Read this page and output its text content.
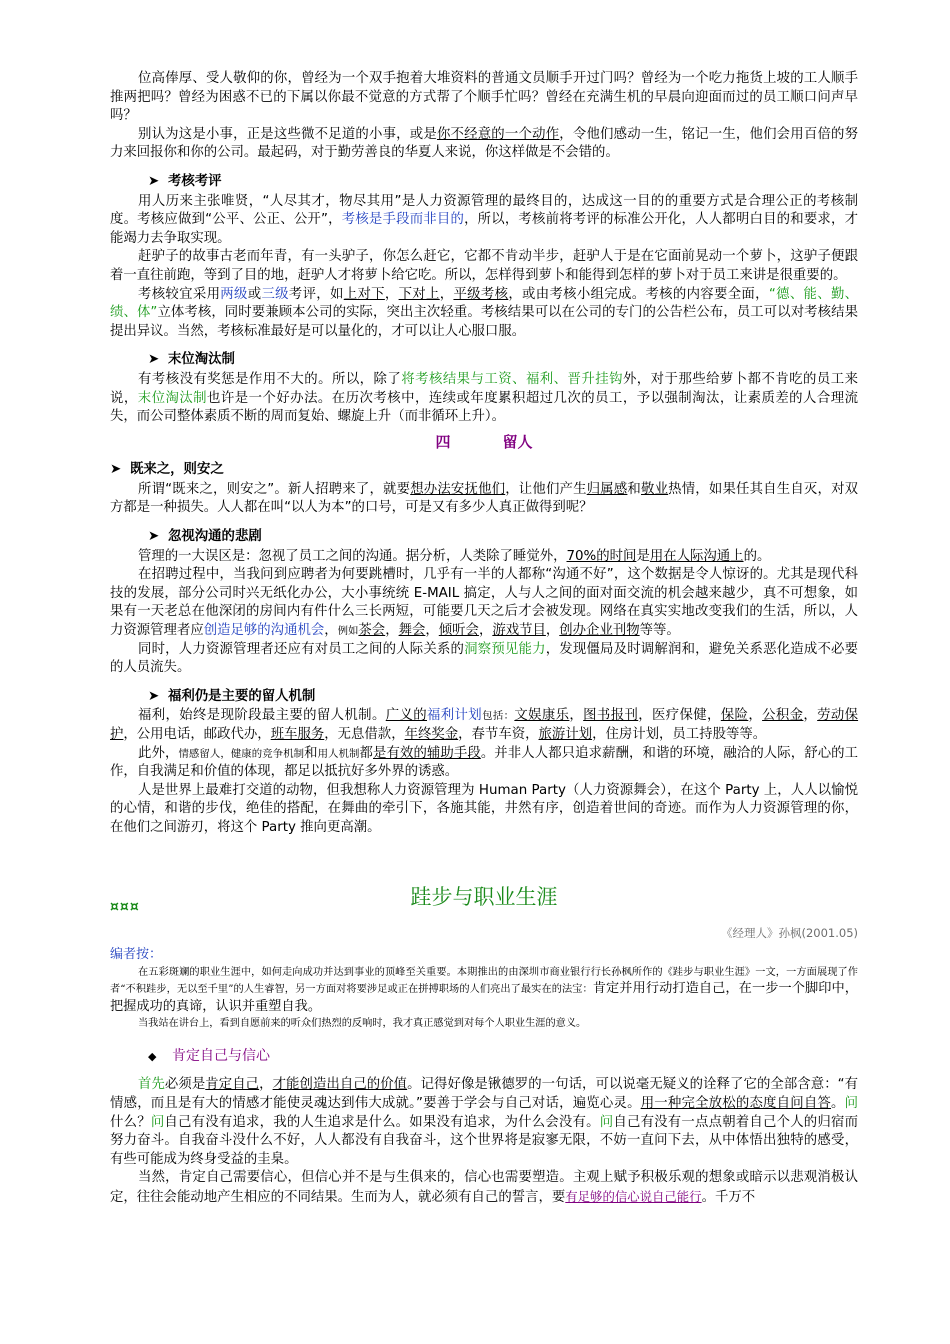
位高俸厚、受人敬仰的你，曾经为一个双手抱着大堆资料的普通文员顺手开过门吗？曾经为一个吃力拖货上坡的工人顺手推两把吗？曾经为困惑不已的下属以你最不觉意的方式帮了个顺手忙吗？曾经在充满生机的早晨向迎面而过的员工顺口问声早吗？

别认为这是小事，正是这些微不足道的小事，或是你不经意的一个动作，令他们感动一生，铭记一生，他们会用百倍的努力来回报你和你的公司。最起码，对于勤劳善良的华夏人来说，你这样做是不会错的。

➤ 考核考评

用人历来主张唯贤，“人尽其才，物尽其用”是人力资源管理的最终目的，达成这一目的的重要方式是合理公正的考核制度。考核应做到“公平、公正、公开”，考核是手段而非目的，所以，考核前将考评的标准公开化，人人都明白目的和要求，才能竭力去争取实现。

赶驴子的故事古老而年青，有一头驴子，你怎么赶它，它都不肯动半步，赶驴人于是在它面前晃动一个萝卜，这驴子便跟着一直往前跑，等到了目的地，赶驴人才将萝卜给它吃。所以，怎样得到萝卜和能得到怎样的萝卜对于员工来讲是很重要的。

考核较宜采用两级或三级考评，如上对下，下对上，平级考核，或由考核小组完成。考核的内容要全面，“德、能、勤、绩、体”立体考核，同时要兼顾本公司的实际，突出主次轻重。考核结果可以在公司的专门的公告栏公布，员工可以对考核结果提出异议。当然，考核标准最好是可以量化的，才可以让人心服口服。

➤ 末位淘汰制

有考核没有奖惩是作用不大的。所以，除了将考核结果与工资、福利、晋升挂钩外，对于那些给萝卜都不肯吃的员工来说，末位淘汰制也许是一个好办法。在历次考核中，连续或年度累积超过几次的员工，予以强制淘汰，让素质差的人合理流失，而公司整体素质不断的周而复始、螺旋上升（而非循环上升）。

四	留人
➤ 既来之，则安之

所谓“既来之，则安之”。新人招聘来了，就要想办法安抚他们，让他们产生归属感和敬业热情，如果任其自生自灭，对双方都是一种损失。人人都在叫“以人为本”的口号，可是又有多少人真正做得到呢？

➤ 忽视沟通的悲剧

管理的一大误区是：忽视了员工之间的沟通。据分析，人类除了睡觉外，70%的时间是用在人际沟通上的。

在招聘过程中，当我问到应聘者为何要跳槽时，几乎有一半的人都称“沟通不好”，这个数据是令人惊讶的。尤其是现代科技的发展，部分公司时兴无纸化办公，大小事统统 E-MAIL 搞定，人与人之间的面对面交流的机会越来越少，真不可想象，如果有一天老总在他深闭的房间内有件什么三长两短，可能要几天之后才会被发现。网络在真实实地改变我们的生活，所以，人力资源管理者应创造足够的沟通机会，例如茶会，舞会，倾听会，游戏节目，创办企业刊物等等。

同时，人力资源管理者还应有对员工之间的人际关系的洞察预见能力，发现僵局及时调解润和，避免关系恶化造成不必要的人员流失。

➤ 福利仍是主要的留人机制

福利，始终是现阶段最主要的留人机制。广义的福利计划包括：文娱康乐，图书报刊，医疗保健，保险，公积金，劳动保护，公用电话，邮政代办，班车服务，无息借款，年终奖金，春节车资，旅游计划，住房计划，员工持股等等。

此外，情感留人，健康的竞争机制和用人机制都是有效的辅助手段。并非人人都只追求薪酬，和谐的环境，融洽的人际，舒心的工作，自我满足和价值的体现，都足以抵抗好多外界的诱惑。

人是世界上最难打交道的动物，但我想称人力资源管理为 Human Party（人力资源舞会），在这个 Party 上，人人以愉悦的心情，和谐的步伐，绝佳的搭配，在舞曲的牵引下，各施其能，井然有序，创造着世间的奇迹。而作为人力资源管理的你，在他们之间游刃，将这个 Party 推向更高潮。

¤¤¤	跬步与职业生涯
《经理人》孙枫(2001.05)
编者按：

在五彩斑斓的职业生涯中，如何走向成功并达到事业的顶峰至关重要。本期推出的由深圳市商业银行行长孙枫所作的《跬步与职业生涯》一文，一方面展现了作者“不积跬步，无以至千里”的人生睿智，另一方面对将要涉足或正在拼搏职场的人们亮出了最实在的法宝：肯定并用行动打造自己，在一步一个脚印中，把握成功的真谛，认识并重塑自我。

当我站在讲台上，看到自愿前来的听众们热烈的反响时，我才真正感觉到对每个人职业生涯的意义。

◆ 肯定自己与信心

首先必须是肯定自己，才能创造出自己的价值。记得好像是锹德罗的一句话，可以说毫无疑义的诠释了它的全部含意：“有情感，而且是有大的情感才能使灵魂达到伟大成就。”要善于学会与自己对话，遍览心灵。用一种完全放松的态度自问自答。问什么？问自己有没有追求，我的人生追求是什么。如果没有追求，为什么会没有。问自己有没有一点点朝着自己个人的归宿而努力奋斗。自我奋斗没什么不好，人人都没有自我奋斗，这个世界将是寂寥无限，不妨一直问下去，从中体悟出独特的感受，有些可能成为终身受益的圭臬。

当然，肯定自己需要信心，但信心并不是与生俱来的，信心也需要塑造。主观上赋予积极乐观的想象或暗示以悲观消极认定，往往会能动地产生相应的不同结果。生而为人，就必须有自己的誓言，要有足够的信心说自己能行。千万不
